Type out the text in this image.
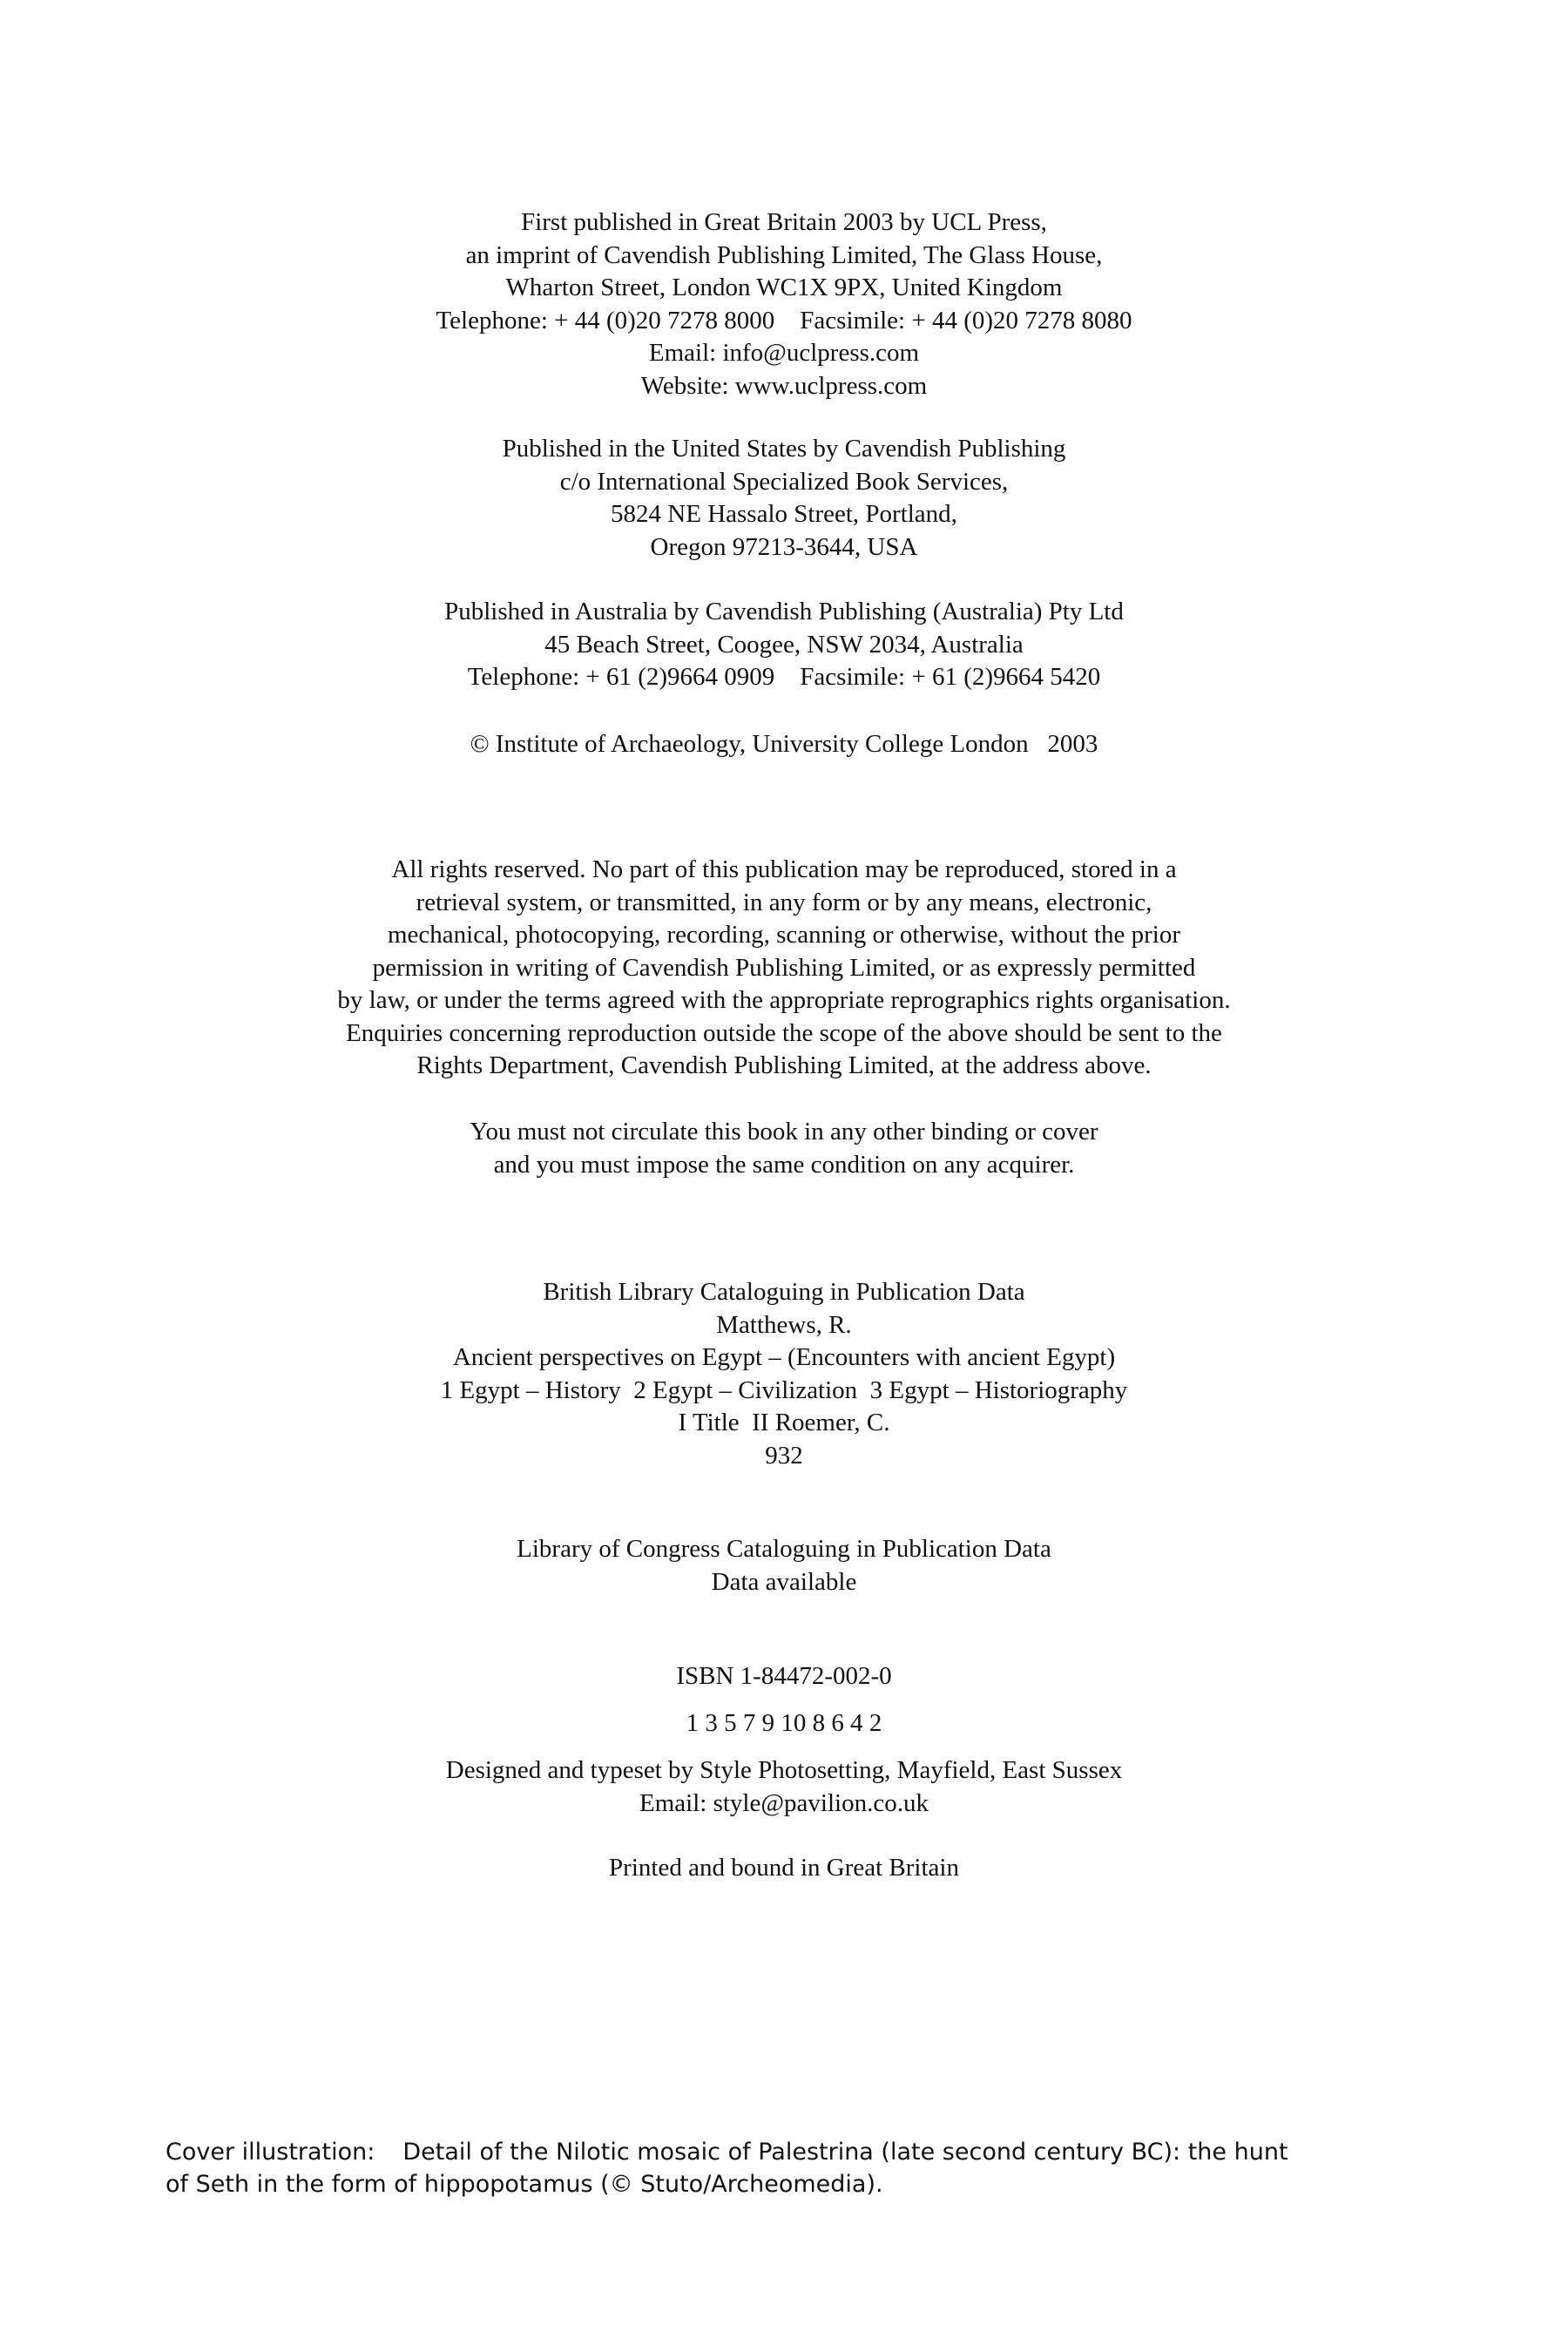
First published in Great Britain 2003 by UCL Press,
an imprint of Cavendish Publishing Limited, The Glass House,
Wharton Street, London WC1X 9PX, United Kingdom
Telephone: + 44 (0)20 7278 8000    Facsimile: + 44 (0)20 7278 8080
Email: info@uclpress.com
Website: www.uclpress.com
Published in the United States by Cavendish Publishing
c/o International Specialized Book Services,
5824 NE Hassalo Street, Portland,
Oregon 97213-3644, USA
Published in Australia by Cavendish Publishing (Australia) Pty Ltd
45 Beach Street, Coogee, NSW 2034, Australia
Telephone: + 61 (2)9664 0909    Facsimile: + 61 (2)9664 5420
© Institute of Archaeology, University College London   2003
All rights reserved. No part of this publication may be reproduced, stored in a
retrieval system, or transmitted, in any form or by any means, electronic,
mechanical, photocopying, recording, scanning or otherwise, without the prior
permission in writing of Cavendish Publishing Limited, or as expressly permitted
by law, or under the terms agreed with the appropriate reprographics rights organisation.
Enquiries concerning reproduction outside the scope of the above should be sent to the
Rights Department, Cavendish Publishing Limited, at the address above.
You must not circulate this book in any other binding or cover
and you must impose the same condition on any acquirer.
British Library Cataloguing in Publication Data
Matthews, R.
Ancient perspectives on Egypt – (Encounters with ancient Egypt)
1 Egypt – History  2 Egypt – Civilization  3 Egypt – Historiography
I Title  II Roemer, C.
932
Library of Congress Cataloguing in Publication Data
Data available
ISBN 1-84472-002-0
1 3 5 7 9 10 8 6 4 2
Designed and typeset by Style Photosetting, Mayfield, East Sussex
Email: style@pavilion.co.uk
Printed and bound in Great Britain
Cover illustration: Detail of the Nilotic mosaic of Palestrina (late second century BC): the hunt
of Seth in the form of hippopotamus (© Stuto/Archeomedia).
